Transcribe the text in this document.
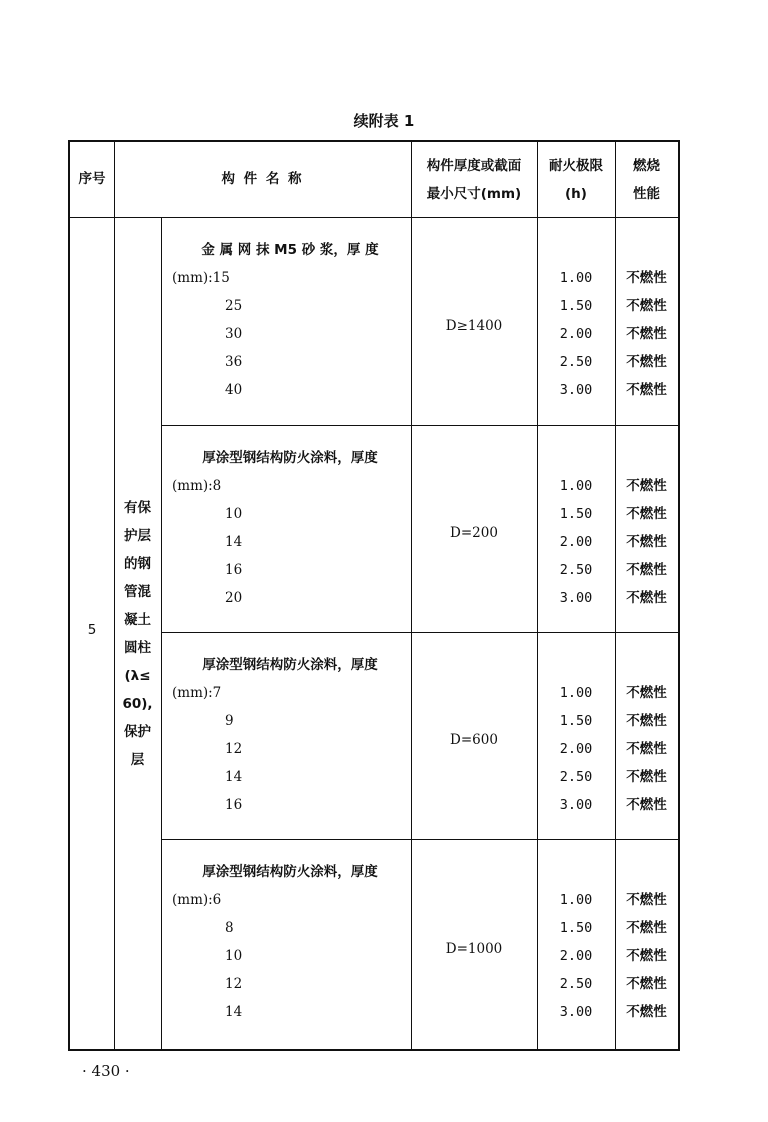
续附表 1
序号	构 件 名 称
构件厚度或截面
最小尺寸(mm)
耐火极限
(h)
燃烧
性能
5
有保
护层
的钢
管混
凝土
圆柱
(λ≤
60),
保护
层
金 属 网 抹 M5 砂 浆，厚 度
(mm):15
25
30
36
40
D≥1400
1.00
1.50
2.00
2.50
3.00
不燃性
不燃性
不燃性
不燃性
不燃性
厚涂型钢结构防火涂料，厚度
(mm):8
10
14
16
20
D=200
1.00
1.50
2.00
2.50
3.00
不燃性
不燃性
不燃性
不燃性
不燃性
厚涂型钢结构防火涂料，厚度
(mm):7
9
12
14
16
D=600
1.00
1.50
2.00
2.50
3.00
不燃性
不燃性
不燃性
不燃性
不燃性
厚涂型钢结构防火涂料，厚度
(mm):6
8
10
12
14
D=1000
1.00
1.50
2.00
2.50
3.00
不燃性
不燃性
不燃性
不燃性
不燃性
· 430 ·
